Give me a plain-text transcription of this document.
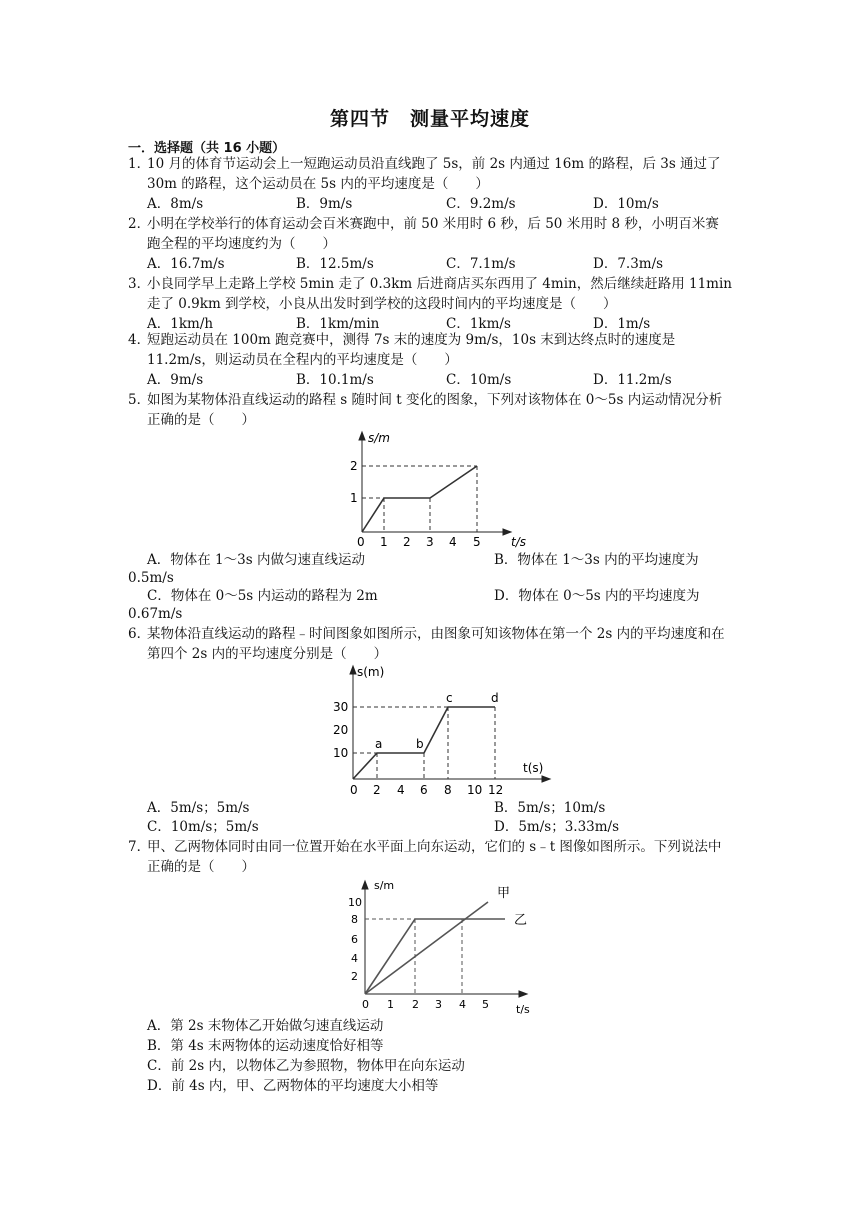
第四节　测量平均速度
一．选择题（共 16 小题）
1．
10 月的体育节运动会上一短跑运动员沿直线跑了 5s，前 2s 内通过 16m 的路程，后 3s 通过了 30m 的路程，这个运动员在 5s 内的平均速度是（　　）
A．8m/s	B．9m/s	C．9.2m/s	D．10m/s
2．
小明在学校举行的体育运动会百米赛跑中，前 50 米用时 6 秒，后 50 米用时 8 秒，小明百米赛跑全程的平均速度约为（　　）
A．16.7m/s	B．12.5m/s	C．7.1m/s	D．7.3m/s
3．
小良同学早上走路上学校 5min 走了 0.3km 后进商店买东西用了 4min，然后继续赶路用 11min 走了 0.9km 到学校，小良从出发时到学校的这段时间内的平均速度是（　　）
A．1km/h	B．1km/min	C．1km/s	D．1m/s
4．
短跑运动员在 100m 跑竞赛中，测得 7s 末的速度为 9m/s，10s 末到达终点时的速度是 11.2m/s，则运动员在全程内的平均速度是（　　）
A．9m/s	B．10.1m/s	C．10m/s	D．11.2m/s
5．
如图为某物体沿直线运动的路程 s 随时间 t 变化的图象，下列对该物体在 0～5s 内运动情况分析正确的是（　　）
s/m
t/s
2
1
0 1 2 3 4 5
A．物体在 1～3s 内做匀速直线运动	B．物体在 1～3s 内的平均速度为
0.5m/s
C．物体在 0～5s 内运动的路程为 2m	D．物体在 0～5s 内的平均速度为
0.67m/s
6．
某物体沿直线运动的路程﹣时间图象如图所示，由图象可知该物体在第一个 2s 内的平均速度和在第四个 2s 内的平均速度分别是（　　）
s(m)
t(s)
30
20
10
0 2 4 6 8 10 12
a	b
c	d
A．5m/s；5m/s	B．5m/s；10m/s
C．10m/s；5m/s	D．5m/s；3.33m/s
7．
甲、乙两物体同时由同一位置开始在水平面上向东运动，它们的 s﹣t 图像如图所示。下列说法中正确的是（　　）
s/m
t/s
甲
乙
10
8
6
4
2
0 1 2 3 4 5
A．第 2s 末物体乙开始做匀速直线运动
B．第 4s 末两物体的运动速度恰好相等
C．前 2s 内，以物体乙为参照物，物体甲在向东运动
D．前 4s 内，甲、乙两物体的平均速度大小相等
